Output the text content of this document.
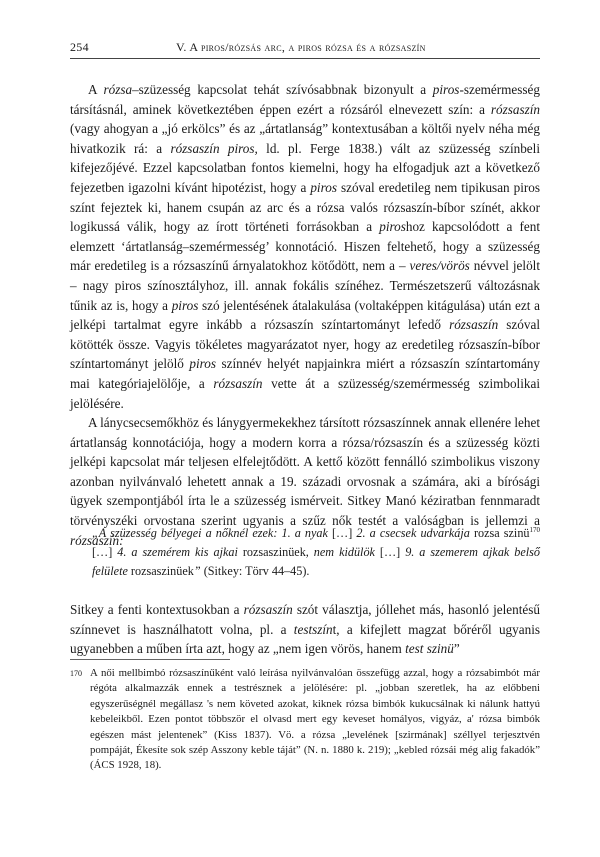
254	V. A piros/rózsás arc, a piros rózsa és a rózsaszín

A rózsa–szüzesség kapcsolat tehát szívósabbnak bizonyult a piros-szemérmesség társításnál, aminek következtében éppen ezért a rózsáról elnevezett szín: a rózsaszín (vagy ahogyan a „jó erkölcs” és az „ártatlanság” kontextusában a költői nyelv néha még hivatkozik rá: a rózsaszín piros, ld. pl. Ferge 1838.) vált az szüzesség színbeli kifejezőjévé. Ezzel kapcsolatban fontos kiemelni, hogy ha elfogadjuk azt a következő fejezetben igazolni kívánt hipotézist, hogy a piros szóval eredetileg nem tipikusan piros színt fejeztek ki, hanem csupán az arc és a rózsa valós rózsaszín-bíbor színét, akkor logikussá válik, hogy az írott történeti forrásokban a piroshoz kapcsolódott a fent elemzett ‘ártatlanság–szemérmesség’ konnotáció. Hiszen feltehető, hogy a szüzesség már eredetileg is a rózsaszínű árnyalatokhoz kötődött, nem a – veres/vörös névvel jelölt – nagy piros színosztályhoz, ill. annak fokális színéhez. Természetszerű változásnak tűnik az is, hogy a piros szó jelentésének átalakulása (voltaképpen kitágulása) után ezt a jelképi tartalmat egyre inkább a rózsaszín színtartományt lefedő rózsaszín szóval kötötték össze. Vagyis tökéletes magyarázatot nyer, hogy az eredetileg rózsaszín-bíbor színtartományt jelölő piros színnév helyét napjainkra miért a rózsaszín színtartomány mai kategóriajelölője, a rózsaszín vette át a szüzesség/szemérmesség szimbolikai jelölésére.

A lánycsecsemőkhöz és lánygyermekekhez társított rózsaszínnek annak ellenére lehet ártatlanság konnotációja, hogy a modern korra a rózsa/rózsaszín és a szüzesség közti jelképi kapcsolat már teljesen elfelejtődött. A kettő között fennálló szimbolikus viszony azonban nyilvánvaló lehetett annak a 19. századi orvosnak a számára, aki a bírósági ügyek szempontjából írta le a szüzesség ismérveit. Sitkey Manó kéziratban fennmaradt törvényszéki orvostana szerint ugyanis a szűz nők testét a valóságban is jellemzi a rózsaszín:

„A szüzesség bélyegei a nőknél ezek: 1. a nyak […] 2. a csecsek udvarkája rozsa szinü$^{170}$ […] 4. a szemérem kis ajkai rozsaszinüek, nem kidülök […] 9. a szemerem ajkak belső felülete rozsaszinüek” (Sitkey: Törv 44–45).

Sitkey a fenti kontextusokban a rózsaszín szót választja, jóllehet más, hasonló jelentésű színnevet is használhatott volna, pl. a testszínt, a kifejlett magzat bőréről ugyanis ugyanebben a műben írta azt, hogy az „nem igen vörös, hanem test szinü”

170 A női mellbimbó rózsaszínűként való leírása nyilvánvalóan összefügg azzal, hogy a rózsabimbót már régóta alkalmazzák ennek a testrésznek a jelölésére: pl. „jobban szeretlek, ha az előbbeni egyszerűségnél megállasz 's nem követed azokat, kiknek rózsa bimbók kukucsálnak ki nálunk hattyú kebeleikből. Ezen pontot többször el olvasd mert egy keveset homályos, vigyáz, a' rózsa bimbók egészen mást jelentenek” (Kiss 1837). Vö. a rózsa „levelének [szirmának] széllyel terjesztvén pompáját, Ékesíte sok szép Asszony keble táját” (N. n. 1880 k. 219); „kebled rózsái még alig fakadók” (ÁCS 1928, 18).
